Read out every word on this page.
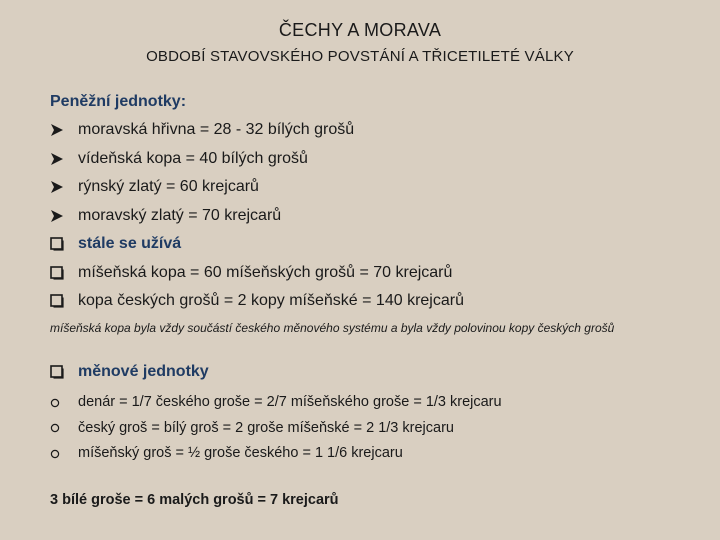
ČECHY A MORAVA
OBDOBÍ STAVOVSKÉHO POVSTÁNÍ A TŘICETILETÉ VÁLKY
Peněžní jednotky:
moravská hřivna = 28 - 32 bílých grošů
vídeňská kopa = 40 bílých grošů
rýnský zlatý = 60 krejcarů
moravský zlatý = 70 krejcarů
stále se užívá
míšeňská kopa = 60 míšeňských grošů = 70 krejcarů
kopa českých grošů = 2 kopy míšeňské = 140 krejcarů
míšeňská kopa byla vždy součástí českého měnového systému a byla vždy polovinou kopy českých grošů
měnové jednotky
denár = 1/7 českého groše = 2/7 míšeňského groše = 1/3 krejcaru
český groš = bílý groš = 2 groše míšeňské = 2 1/3 krejcaru
míšeňský groš = ½ groše českého = 1 1/6 krejcaru
3 bílé groše = 6 malých grošů = 7 krejcarů
